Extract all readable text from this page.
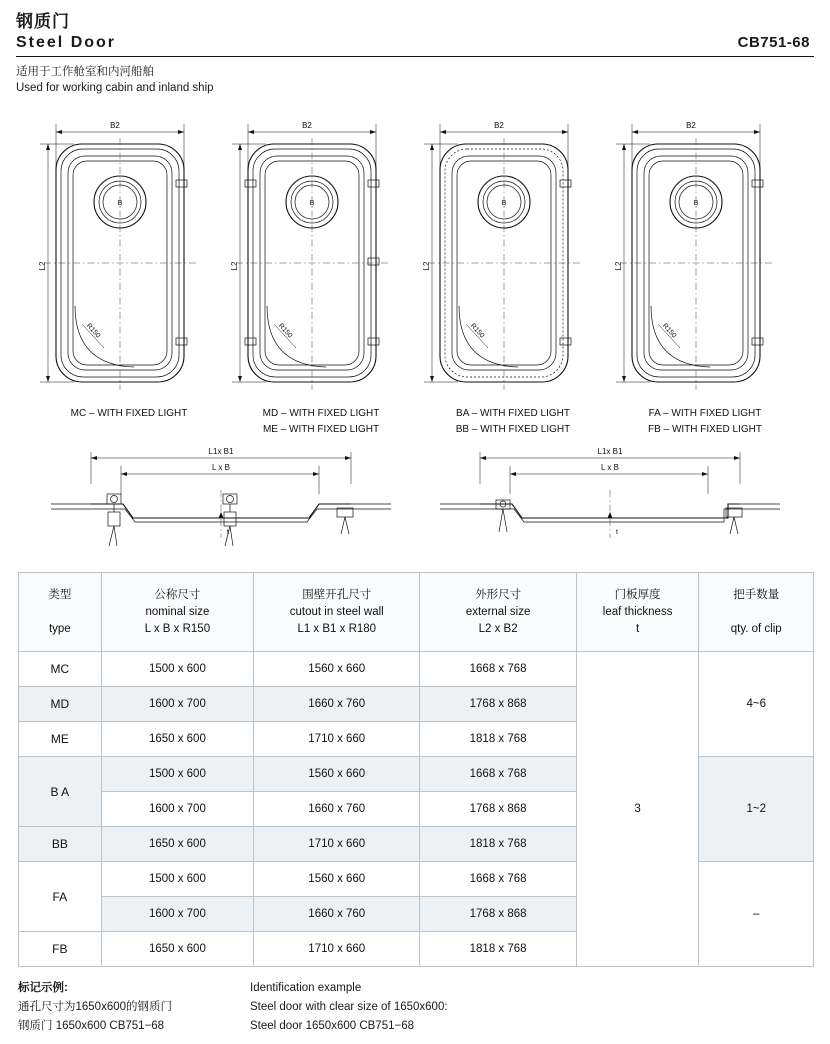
钢质门
Steel Door	CB751-68
适用于工作舱室和内河船舶
Used for working cabin and inland ship
B2
L2
B
R150
MC – WITH FIXED LIGHT
B2
L2
B
R150
MD – WITH FIXED LIGHT
ME – WITH FIXED LIGHT
B2
L2
B
R150
BA – WITH FIXED LIGHT
BB – WITH FIXED LIGHT
B2
L2
B
R150
FA – WITH FIXED LIGHT
FB – WITH FIXED LIGHT
L1x B1
L x B
t
L1x B1
L x B
t
类型
type

公称尺寸
nominal size
L x B x R150

围壁开孔尺寸
cutout in steel wall
L1 x B1 x R180

外形尺寸
external size
L2 x B2

门板厚度
leaf thickness
t

把手数量
qty. of clip

MC	1500 x 600	1560 x 660	1668 x 768	3	4~6
MD	1600 x 700	1660 x 760	1768 x 868		
ME	1650 x 600	1710 x 660	1818 x 768		
B A	1500 x 600	1560 x 660	1668 x 768		1~2
	1600 x 700	1660 x 760	1768 x 868		
BB	1650 x 600	1710 x 660	1818 x 768		
FA	1500 x 600	1560 x 660	1668 x 768		–
	1600 x 700	1660 x 760	1768 x 868		
FB	1650 x 600	1710 x 660	1818 x 768		
标记示例:
通孔尺寸为1650x600的钢质门
钢质门 1650x600 CB751−68
Identification example
Steel door with clear size of 1650x600:
Steel door 1650x600 CB751−68
